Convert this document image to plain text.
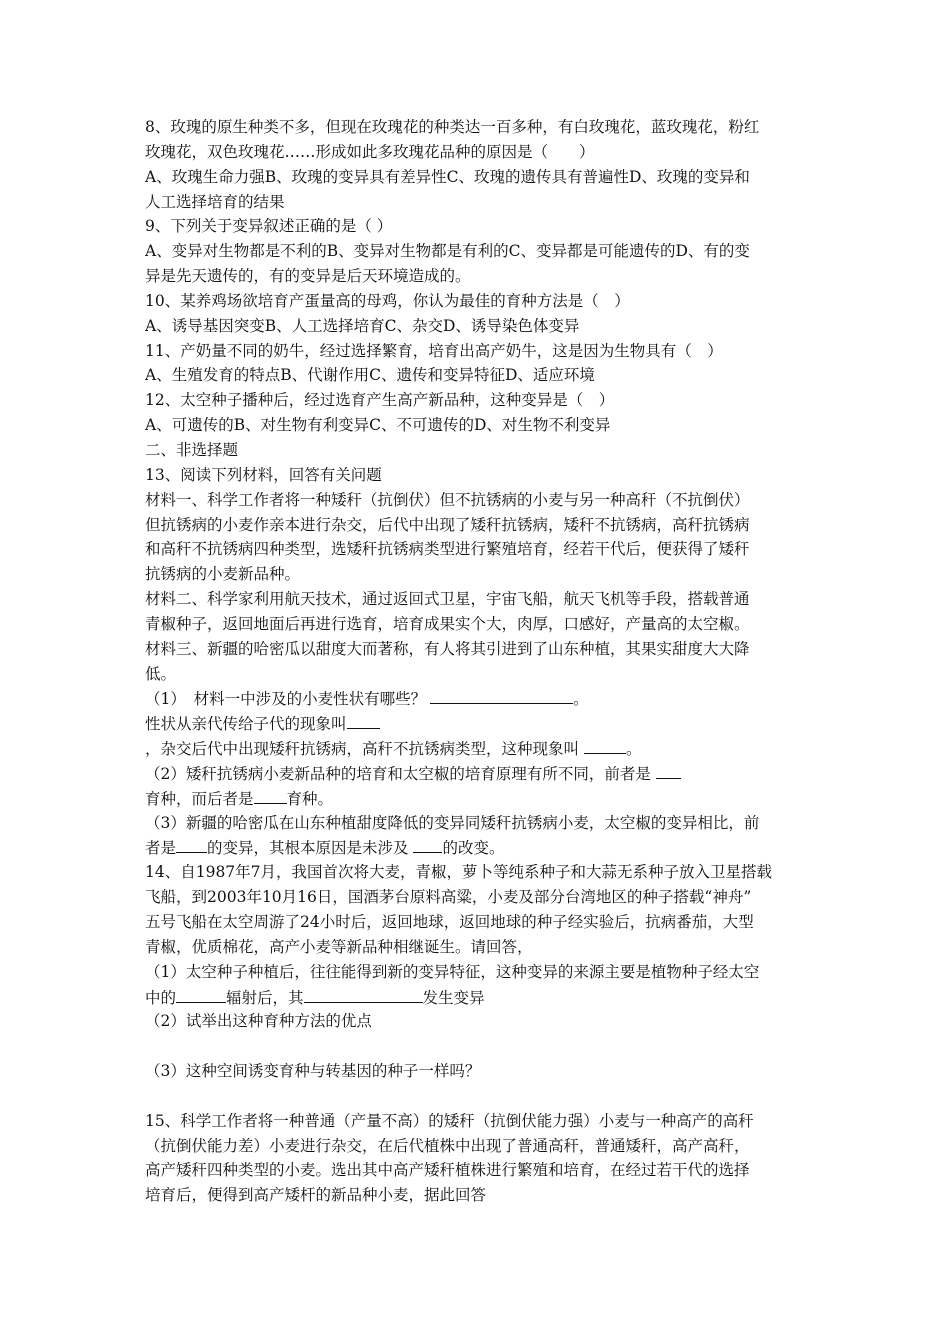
8、玫瑰的原生种类不多，但现在玫瑰花的种类达一百多种，有白玫瑰花，蓝玫瑰花，粉红
玫瑰花，双色玫瑰花……形成如此多玫瑰花品种的原因是（　　）
A、玫瑰生命力强B、玫瑰的变异具有差异性C、玫瑰的遗传具有普遍性D、玫瑰的变异和
人工选择培育的结果
9、下列关于变异叙述正确的是（ ）
A、变异对生物都是不利的B、变异对生物都是有利的C、变异都是可能遗传的D、有的变
异是先天遗传的，有的变异是后天环境造成的。
10、某养鸡场欲培育产蛋量高的母鸡，你认为最佳的育种方法是（　）
A、诱导基因突变B、人工选择培育C、杂交D、诱导染色体变异
11、产奶量不同的奶牛，经过选择繁育，培育出高产奶牛，这是因为生物具有（　）
A、生殖发育的特点B、代谢作用C、遗传和变异特征D、适应环境
12、太空种子播种后，经过选育产生高产新品种，这种变异是（　）
A、可遗传的B、对生物有利变异C、不可遗传的D、对生物不利变异
二、非选择题
13、阅读下列材料，回答有关问题
材料一、科学工作者将一种矮秆（抗倒伏）但不抗锈病的小麦与另一种高秆（不抗倒伏）
但抗锈病的小麦作亲本进行杂交，后代中出现了矮秆抗锈病，矮秆不抗锈病，高秆抗锈病
和高秆不抗锈病四种类型，选矮秆抗锈病类型进行繁殖培育，经若干代后，便获得了矮秆
抗锈病的小麦新品种。
材料二、科学家利用航天技术，通过返回式卫星，宇宙飞船，航天飞机等手段，搭载普通
青椒种子，返回地面后再进行选育，培育成果实个大，肉厚，口感好，产量高的太空椒。
材料三、新疆的哈密瓜以甜度大而著称，有人将其引进到了山东种植，其果实甜度大大降
低。
（1）　材料一中涉及的小麦性状有哪些？	。
性状从亲代传给子代的现象叫
，杂交后代中出现矮秆抗锈病，高秆不抗锈病类型，这种现象叫	。
（2）矮秆抗锈病小麦新品种的培育和太空椒的培育原理有所不同，前者是
育种，而后者是 育种。
（3）新疆的哈密瓜在山东种植甜度降低的变异同矮秆抗锈病小麦，太空椒的变异相比，前
者是 的变异，其根本原因是未涉及 的改变。
14、自1987年7月，我国首次将大麦，青椒，萝卜等纯系种子和大蒜无系种子放入卫星搭载
飞船，到2003年10月16日，国酒茅台原料高粱，小麦及部分台湾地区的种子搭载“神舟”
五号飞船在太空周游了24小时后，返回地球，返回地球的种子经实验后，抗病番茄，大型
青椒，优质棉花，高产小麦等新品种相继诞生。请回答，
（1）太空种子种植后，往往能得到新的变异特征，这种变异的来源主要是植物种子经太空
中的	辐射后，其	发生变异
（2）试举出这种育种方法的优点
（3）这种空间诱变育种与转基因的种子一样吗？
15、科学工作者将一种普通（产量不高）的矮秆（抗倒伏能力强）小麦与一种高产的高秆
（抗倒伏能力差）小麦进行杂交，在后代植株中出现了普通高秆，普通矮秆，高产高秆，
高产矮秆四种类型的小麦。选出其中高产矮秆植株进行繁殖和培育，在经过若干代的选择
培育后，便得到高产矮杆的新品种小麦，据此回答
